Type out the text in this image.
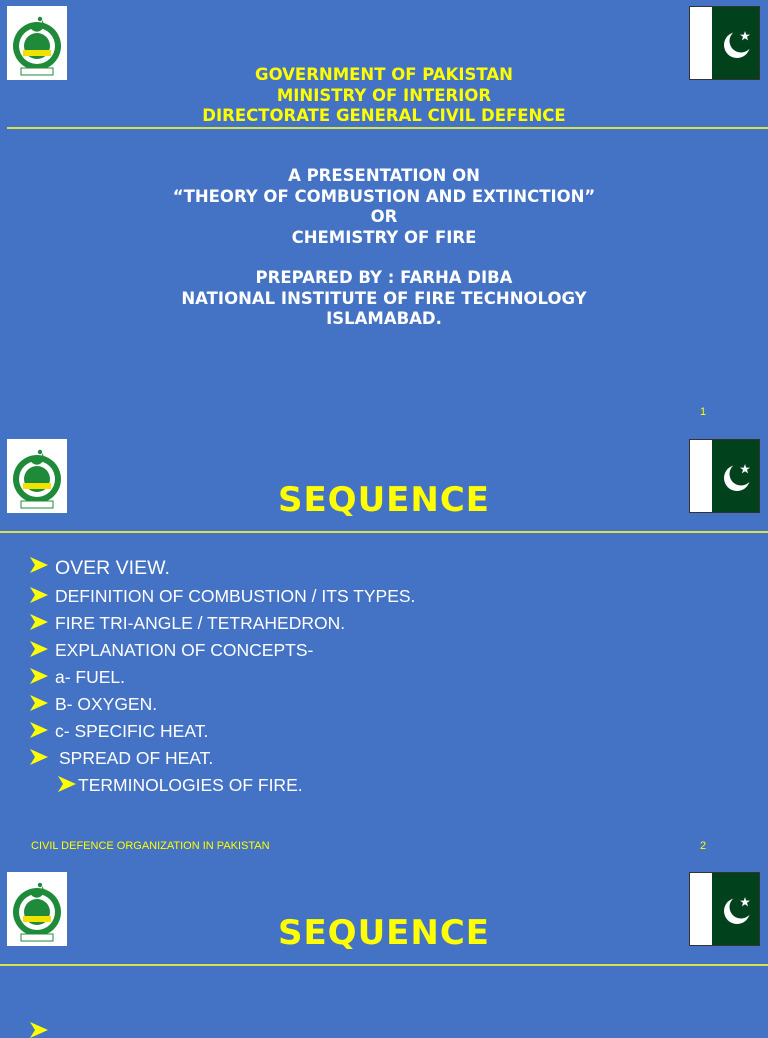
GOVERNMENT OF PAKISTAN
MINISTRY OF INTERIOR
DIRECTORATE GENERAL CIVIL DEFENCE
A PRESENTATION ON
“THEORY OF COMBUSTION AND EXTINCTION”
OR
CHEMISTRY OF FIRE
PREPARED BY : FARHA DIBA
NATIONAL INSTITUTE OF FIRE TECHNOLOGY
ISLAMABAD.
1
SEQUENCE
OVER VIEW.
DEFINITION OF COMBUSTION / ITS TYPES.
FIRE TRI-ANGLE / TETRAHEDRON.
EXPLANATION OF CONCEPTS-
a- FUEL.
B- OXYGEN.
c- SPECIFIC HEAT.
SPREAD OF HEAT.
TERMINOLOGIES OF FIRE.
CIVIL DEFENCE ORGANIZATION IN PAKISTAN	2
SEQUENCE
